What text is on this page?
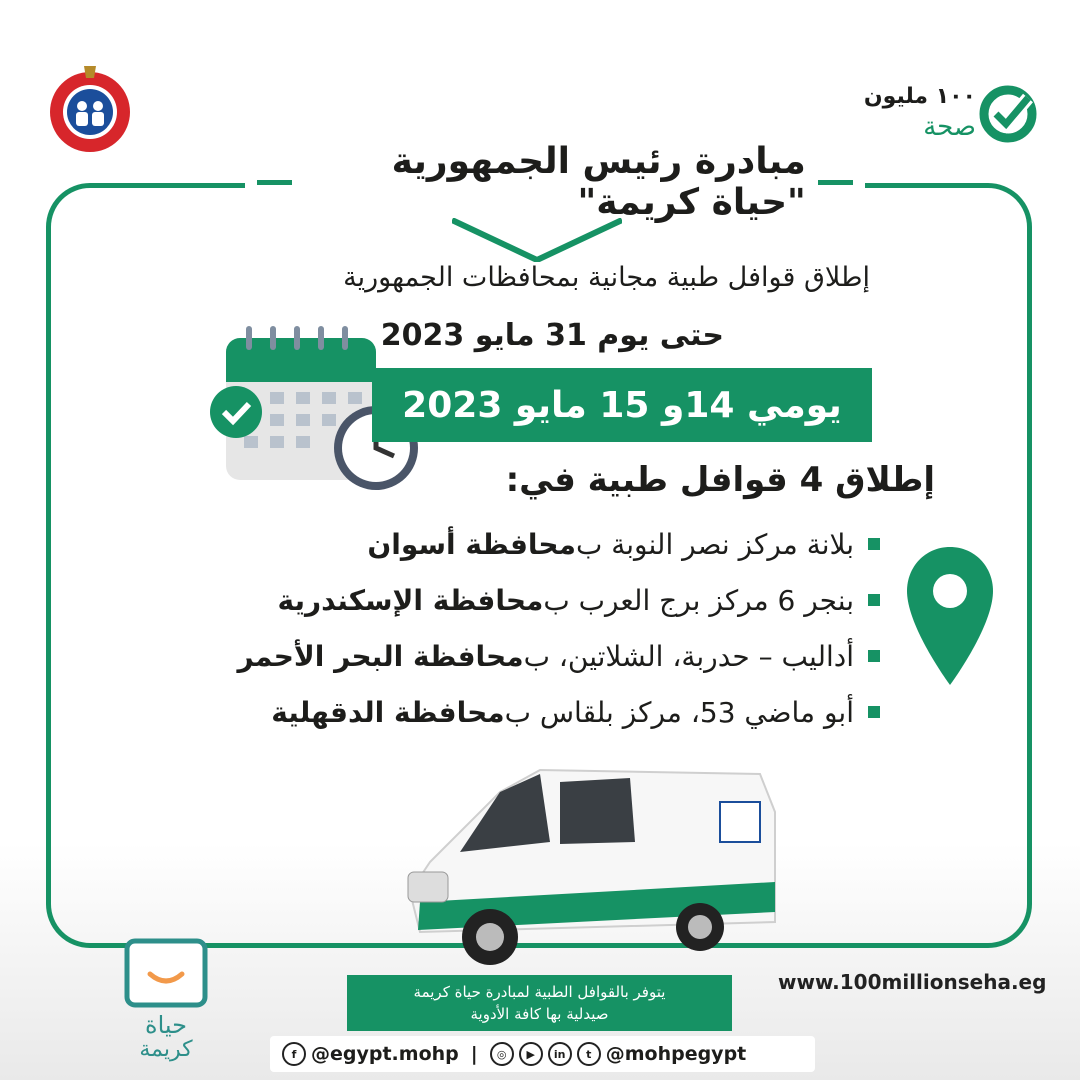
١٠٠ مليون
صحة
مبادرة رئيس الجمهورية "حياة كريمة"
إطلاق قوافل طبية مجانية بمحافظات الجمهورية
حتى يوم 31 مايو 2023
يومي 14و 15 مايو 2023
إطلاق 4 قوافل طبية في:
بلانة مركز نصر النوبة ب
محافظة أسوان
بنجر 6 مركز برج العرب ب
محافظة الإسكندرية
أداليب – حدربة، الشلاتين، ب
محافظة البحر الأحمر
أبو ماضي 53، مركز بلقاس ب
محافظة الدقهلية
حياة
كريمة
يتوفر بالقوافل الطبية لمبادرة حياة كريمة
صيدلية بها كافة الأدوية
www.100millionseha.eg
f @egypt.mohp |	◎	▶	in	t @mohpegypt
